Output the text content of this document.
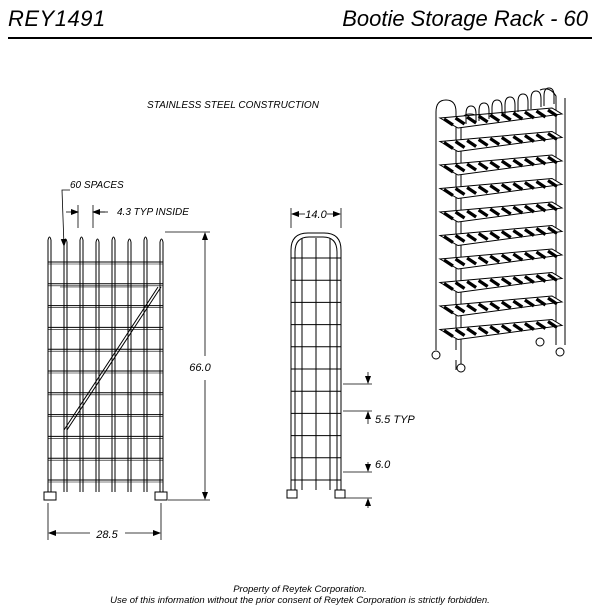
REY1491	Bootie Storage Rack - 60
STAINLESS STEEL CONSTRUCTION
60 SPACES
4.3 TYP INSIDE
66.0
28.5
14.0
5.5 TYP
6.0
Property of Reytek Corporation.
Use of this information without the prior consent of Reytek Corporation is strictly forbidden.
